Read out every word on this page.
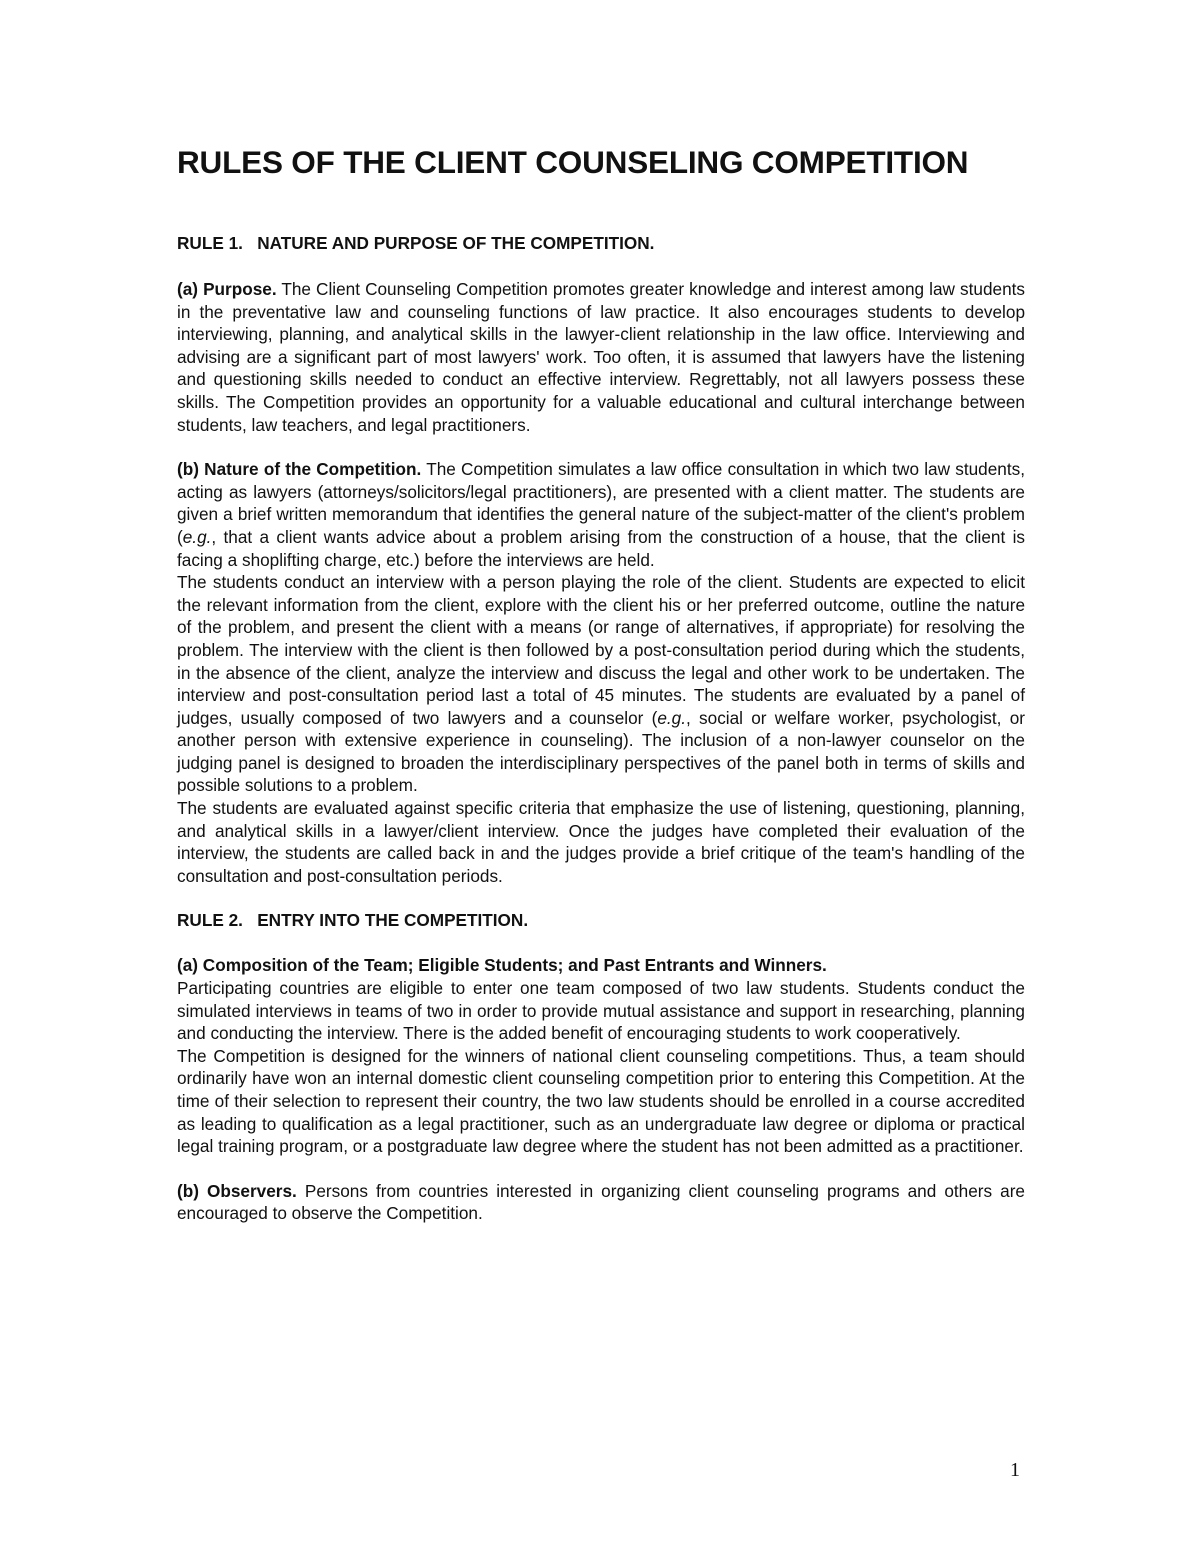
RULES OF THE CLIENT COUNSELING COMPETITION
RULE 1.   NATURE AND PURPOSE OF THE COMPETITION.

(a) Purpose. The Client Counseling Competition promotes greater knowledge and interest among law students in the preventative law and counseling functions of law practice. It also encourages students to develop interviewing, planning, and analytical skills in the lawyer-client relationship in the law office. Interviewing and advising are a significant part of most lawyers' work. Too often, it is assumed that lawyers have the listening and questioning skills needed to conduct an effective interview. Regrettably, not all lawyers possess these skills. The Competition provides an opportunity for a valuable educational and cultural interchange between students, law teachers, and legal practitioners.

(b) Nature of the Competition. The Competition simulates a law office consultation in which two law students, acting as lawyers (attorneys/solicitors/legal practitioners), are presented with a client matter. The students are given a brief written memorandum that identifies the general nature of the subject-matter of the client's problem (e.g., that a client wants advice about a problem arising from the construction of a house, that the client is facing a shoplifting charge, etc.) before the interviews are held.

The students conduct an interview with a person playing the role of the client. Students are expected to elicit the relevant information from the client, explore with the client his or her preferred outcome, outline the nature of the problem, and present the client with a means (or range of alternatives, if appropriate) for resolving the problem. The interview with the client is then followed by a post-consultation period during which the students, in the absence of the client, analyze the interview and discuss the legal and other work to be undertaken. The interview and post-consultation period last a total of 45 minutes. The students are evaluated by a panel of judges, usually composed of two lawyers and a counselor (e.g., social or welfare worker, psychologist, or another person with extensive experience in counseling). The inclusion of a non-lawyer counselor on the judging panel is designed to broaden the interdisciplinary perspectives of the panel both in terms of skills and possible solutions to a problem.

The students are evaluated against specific criteria that emphasize the use of listening, questioning, planning, and analytical skills in a lawyer/client interview. Once the judges have completed their evaluation of the interview, the students are called back in and the judges provide a brief critique of the team's handling of the consultation and post-consultation periods.

RULE 2.   ENTRY INTO THE COMPETITION.

(a) Composition of the Team; Eligible Students; and Past Entrants and Winners.

Participating countries are eligible to enter one team composed of two law students. Students conduct the simulated interviews in teams of two in order to provide mutual assistance and support in researching, planning and conducting the interview. There is the added benefit of encouraging students to work cooperatively.

The Competition is designed for the winners of national client counseling competitions. Thus, a team should ordinarily have won an internal domestic client counseling competition prior to entering this Competition. At the time of their selection to represent their country, the two law students should be enrolled in a course accredited as leading to qualification as a legal practitioner, such as an undergraduate law degree or diploma or practical legal training program, or a postgraduate law degree where the student has not been admitted as a practitioner.

(b) Observers. Persons from countries interested in organizing client counseling programs and others are encouraged to observe the Competition.

1
